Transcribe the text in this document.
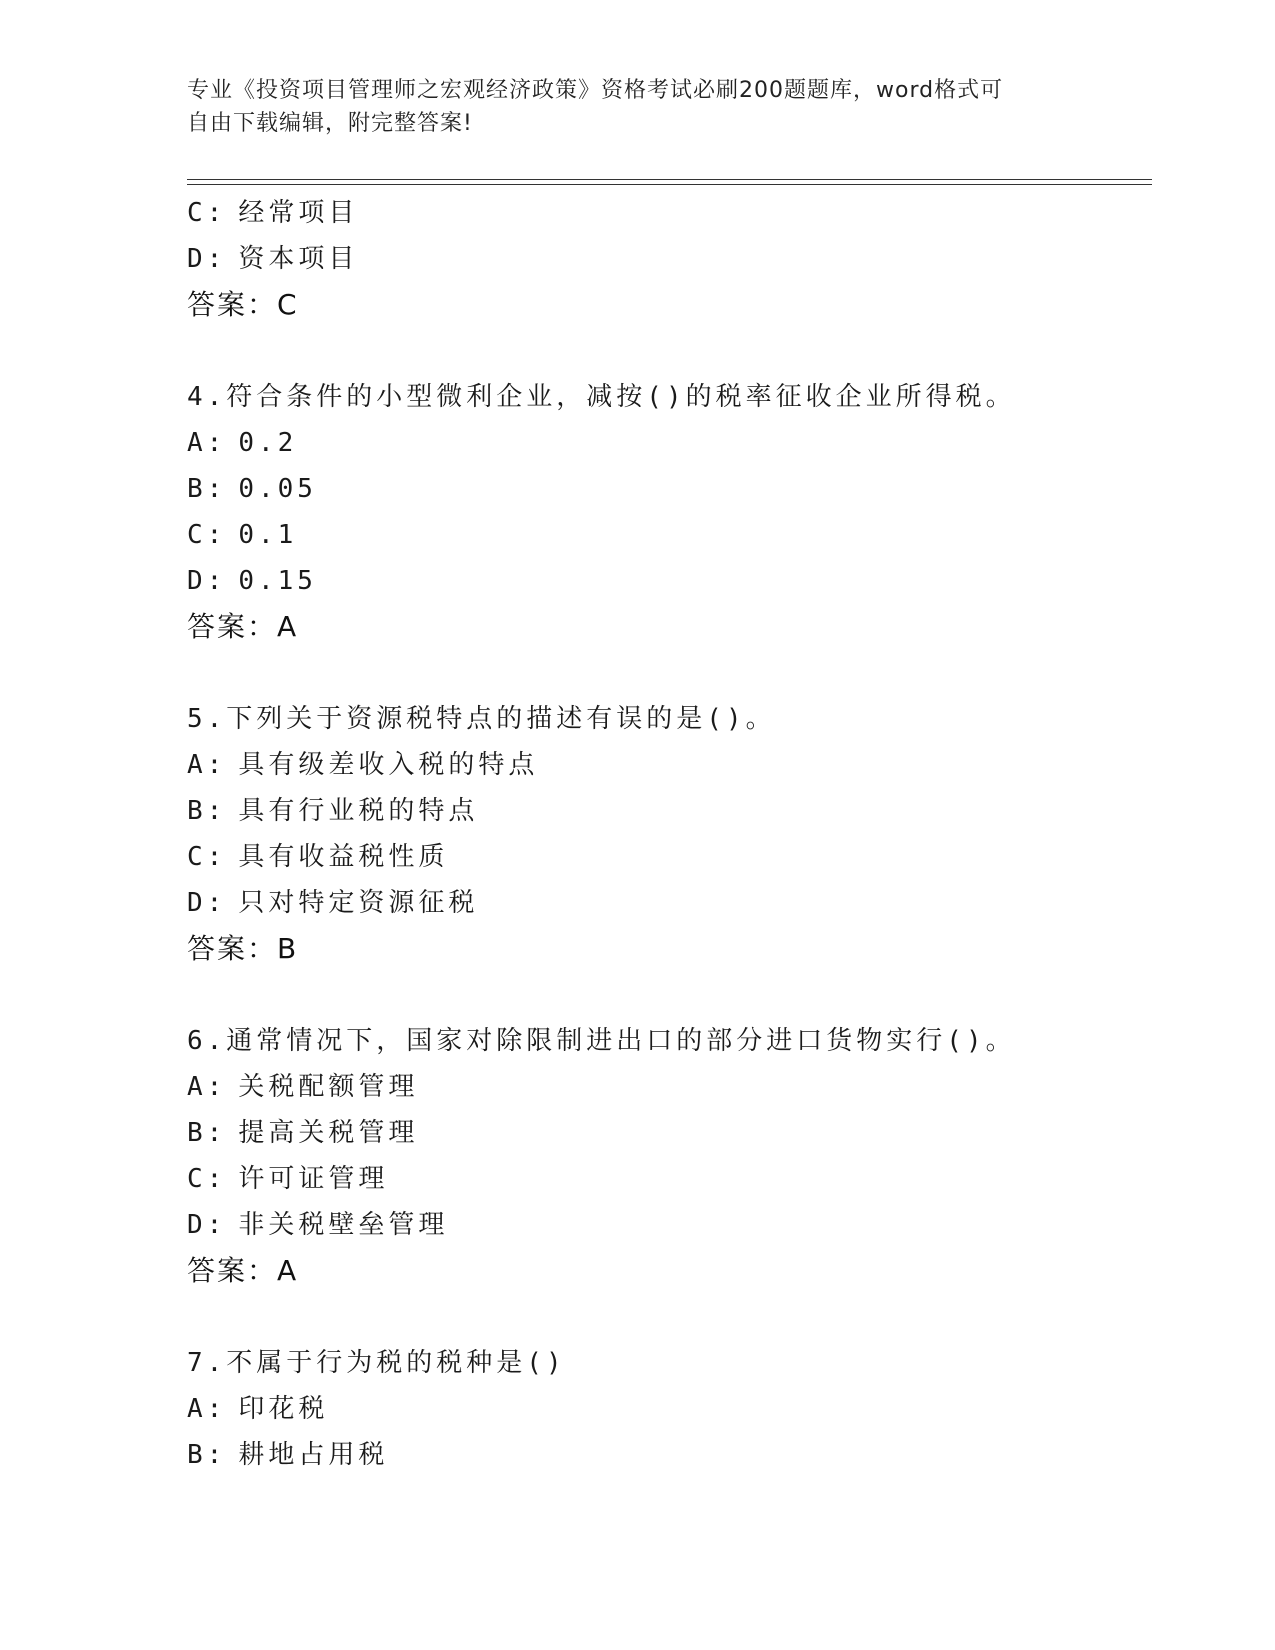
专业《投资项目管理师之宏观经济政策》资格考试必刷200题题库，word格式可
自由下载编辑，附完整答案!
C: 经常项目
D: 资本项目
答案：C
4.符合条件的小型微利企业，减按()的税率征收企业所得税。
A: 0.2
B: 0.05
C: 0.1
D: 0.15
答案：A
5.下列关于资源税特点的描述有误的是()。
A: 具有级差收入税的特点
B: 具有行业税的特点
C: 具有收益税性质
D: 只对特定资源征税
答案：B
6.通常情况下，国家对除限制进出口的部分进口货物实行()。
A: 关税配额管理
B: 提高关税管理
C: 许可证管理
D: 非关税壁垒管理
答案：A
7.不属于行为税的税种是()
A: 印花税
B: 耕地占用税
